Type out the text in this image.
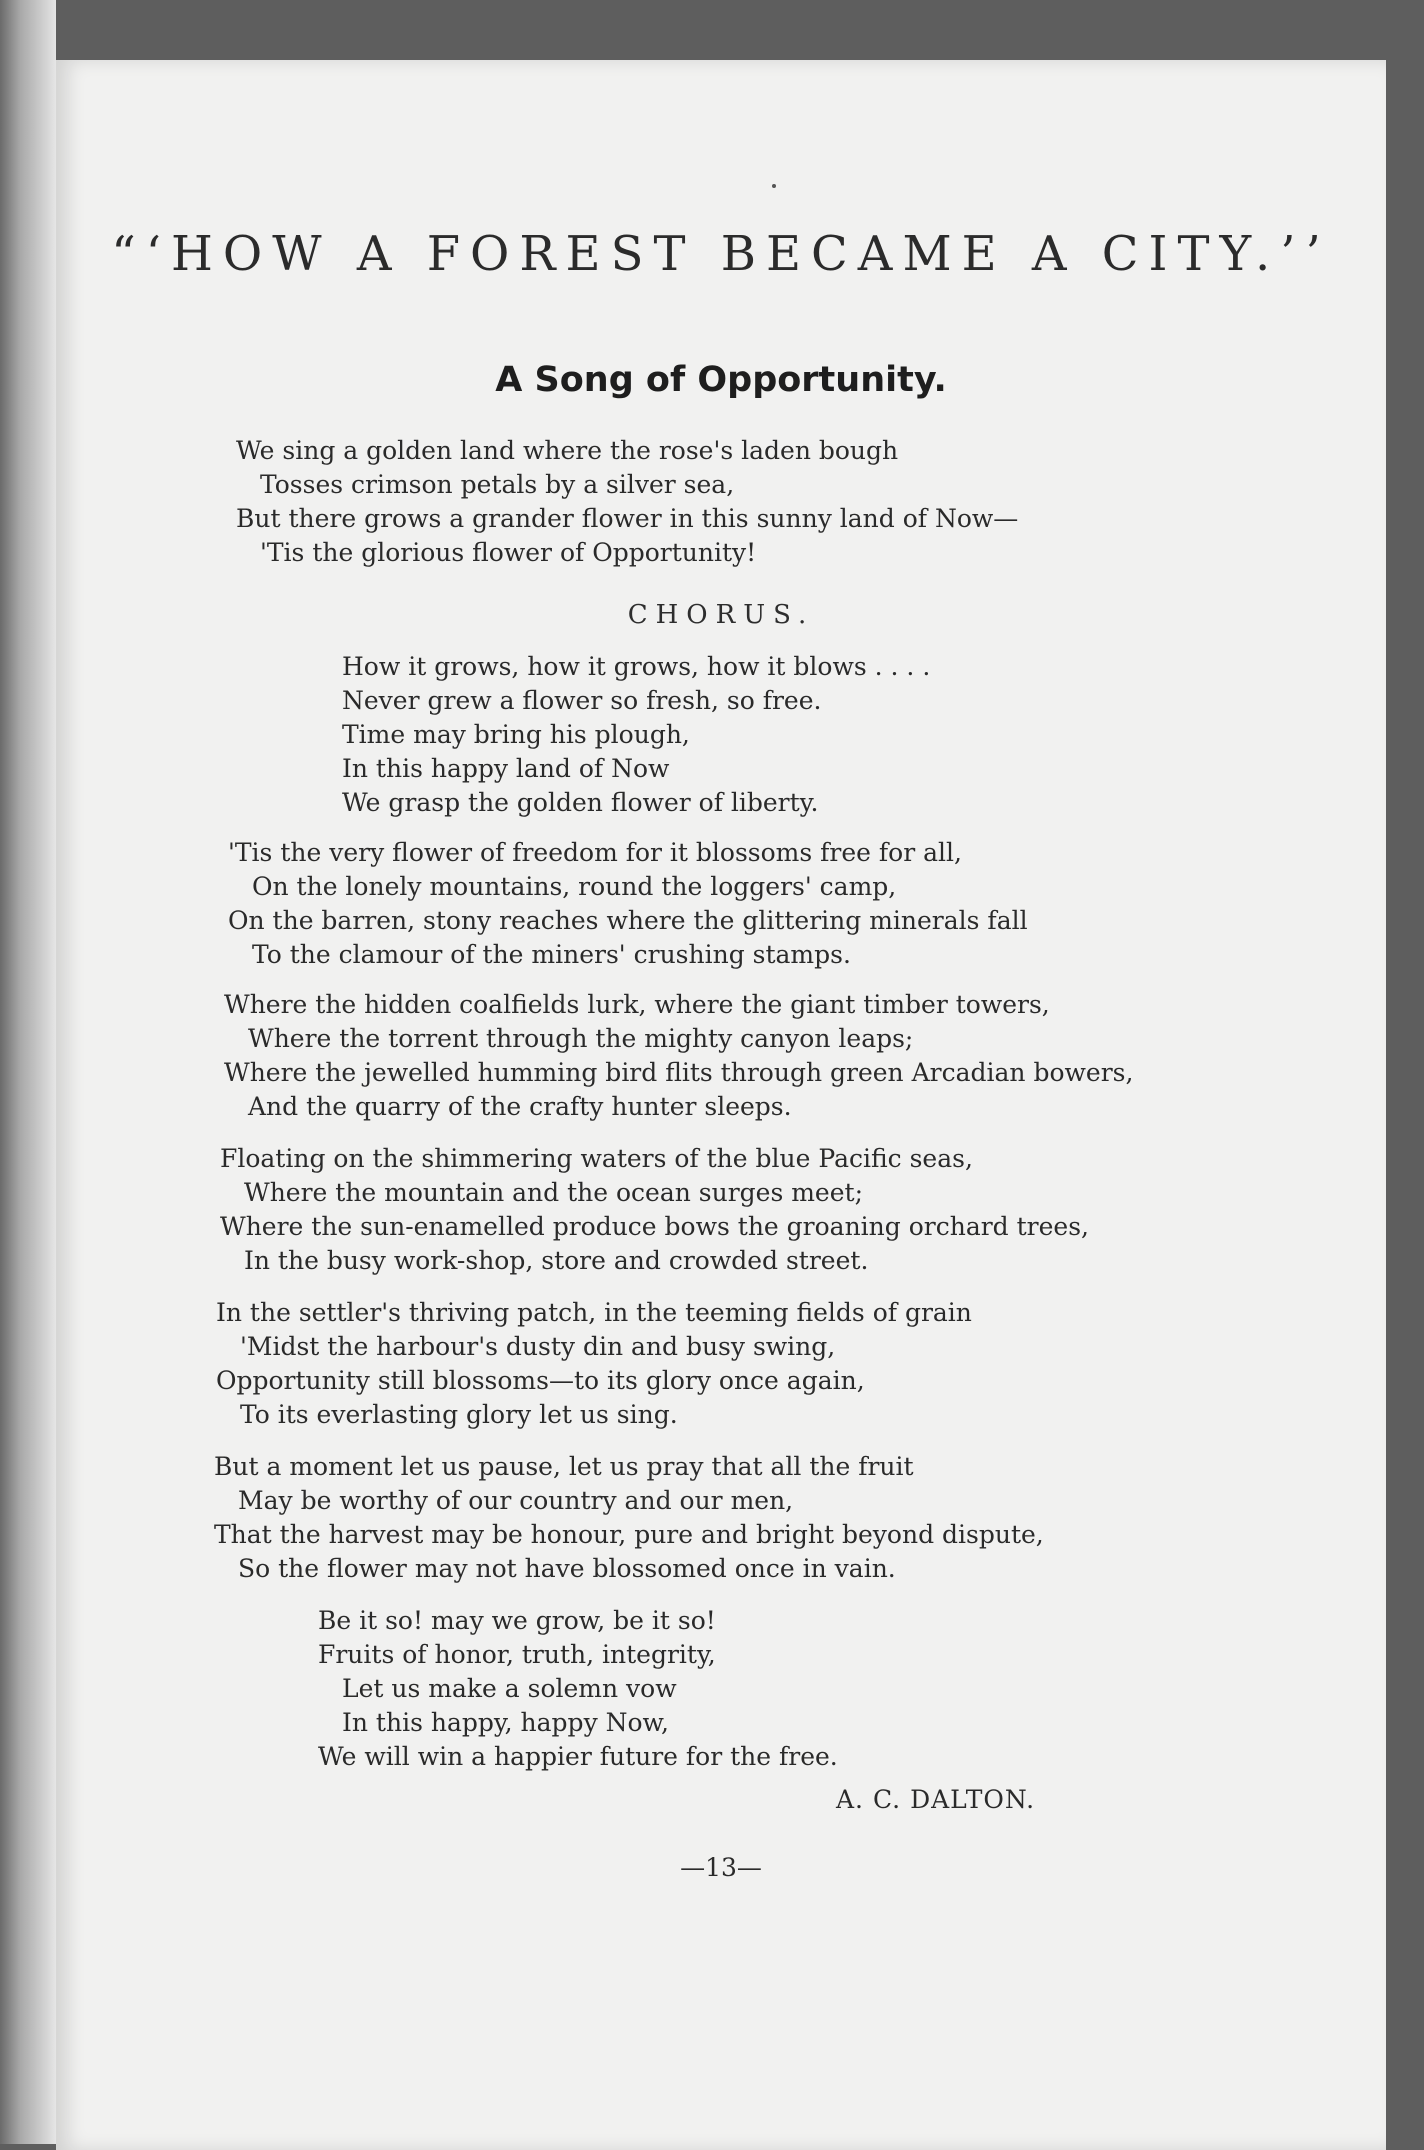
“‘HOW A FOREST BECAME A CITY.’’
A Song of Opportunity.
We sing a golden land where the rose's laden bough
Tosses crimson petals by a silver sea,
But there grows a grander flower in this sunny land of Now—
'Tis the glorious flower of Opportunity!
CHORUS.
How it grows, how it grows, how it blows . . . .
Never grew a flower so fresh, so free.
Time may bring his plough,
In this happy land of Now
We grasp the golden flower of liberty.
'Tis the very flower of freedom for it blossoms free for all,
On the lonely mountains, round the loggers' camp,
On the barren, stony reaches where the glittering minerals fall
To the clamour of the miners' crushing stamps.
Where the hidden coalfields lurk, where the giant timber towers,
Where the torrent through the mighty canyon leaps;
Where the jewelled humming bird flits through green Arcadian bowers,
And the quarry of the crafty hunter sleeps.
Floating on the shimmering waters of the blue Pacific seas,
Where the mountain and the ocean surges meet;
Where the sun-enamelled produce bows the groaning orchard trees,
In the busy work-shop, store and crowded street.
In the settler's thriving patch, in the teeming fields of grain
'Midst the harbour's dusty din and busy swing,
Opportunity still blossoms—to its glory once again,
To its everlasting glory let us sing.
But a moment let us pause, let us pray that all the fruit
May be worthy of our country and our men,
That the harvest may be honour, pure and bright beyond dispute,
So the flower may not have blossomed once in vain.
Be it so! may we grow, be it so!
Fruits of honor, truth, integrity,
Let us make a solemn vow
In this happy, happy Now,
We will win a happier future for the free.
A. C. DALTON.
—13—
